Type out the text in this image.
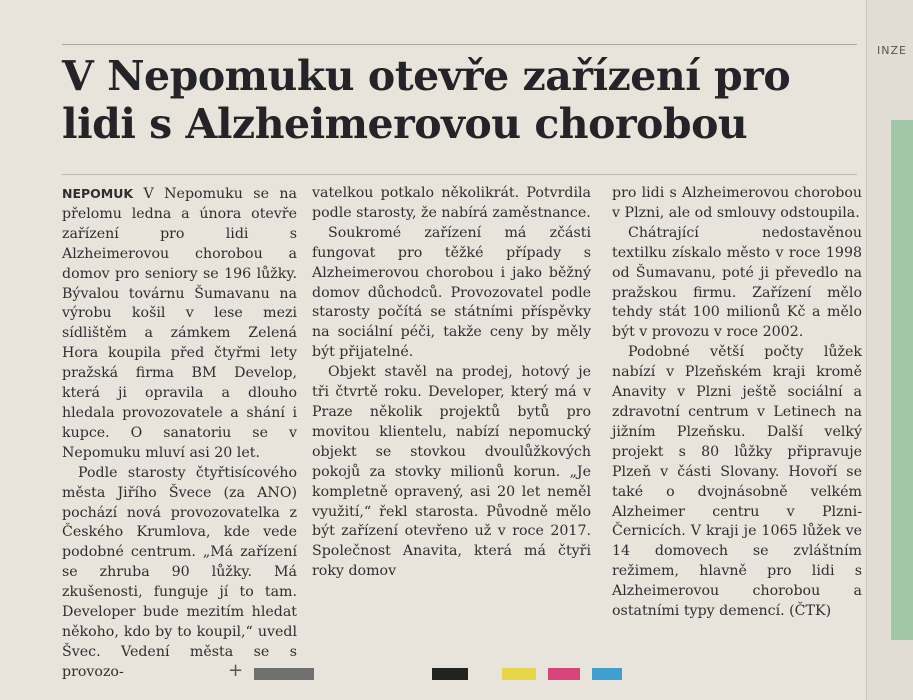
INZE
V Nepomuku otevře zařízení pro lidi s Alzheimerovou chorobou

NEPOMUK V Nepomuku se na přelomu ledna a února otevře zařízení pro lidi s Alzheimerovou chorobou a domov pro seniory se 196 lůžky. Bývalou továrnu Šumavanu na výrobu košil v lese mezi sídlištěm a zámkem Zelená Hora koupila před čtyřmi lety pražská firma BM Develop, která ji opravila a dlouho hledala provozovatele a shání i kupce. O sanatoriu se v Nepomuku mluví asi 20 let.

Podle starosty čtyřtisícového města Jiřího Švece (za ANO) pochází nová provozovatelka z Českého Krumlova, kde vede podobné centrum. „Má zařízení se zhruba 90 lůžky. Má zkušenosti, funguje jí to tam. Developer bude mezitím hledat někoho, kdo by to koupil,“ uvedl Švec. Vedení města se s provozo-

vatelkou potkalo několikrát. Potvrdila podle starosty, že nabírá zaměstnance.

Soukromé zařízení má zčásti fungovat pro těžké případy s Alzheimerovou chorobou i jako běžný domov důchodců. Provozovatel podle starosty počítá se státními příspěvky na sociální péči, takže ceny by měly být přijatelné.

Objekt stavěl na prodej, hotový je tři čtvrtě roku. Developer, který má v Praze několik projektů bytů pro movitou klientelu, nabízí nepomucký objekt se stovkou dvoulůžkových pokojů za stovky milionů korun. „Je kompletně opravený, asi 20 let neměl využití,“ řekl starosta. Původně mělo být zařízení otevřeno už v roce 2017. Společnost Anavita, která má čtyři roky domov

pro lidi s Alzheimerovou chorobou v Plzni, ale od smlouvy odstoupila.

Chátrající nedostavěnou textilku získalo město v roce 1998 od Šumavanu, poté ji převedlo na pražskou firmu. Zařízení mělo tehdy stát 100 milionů Kč a mělo být v provozu v roce 2002.

Podobné větší počty lůžek nabízí v Plzeňském kraji kromě Anavity v Plzni ještě sociální a zdravotní centrum v Letinech na jižním Plzeňsku. Další velký projekt s 80 lůžky připravuje Plzeň v části Slovany. Hovoří se také o dvojnásobně velkém Alzheimer centru v Plzni-Černicích. V kraji je 1065 lůžek ve 14 domovech se zvláštním režimem, hlavně pro lidi s Alzheimerovou chorobou a ostatními typy demencí. (ČTK)

+
